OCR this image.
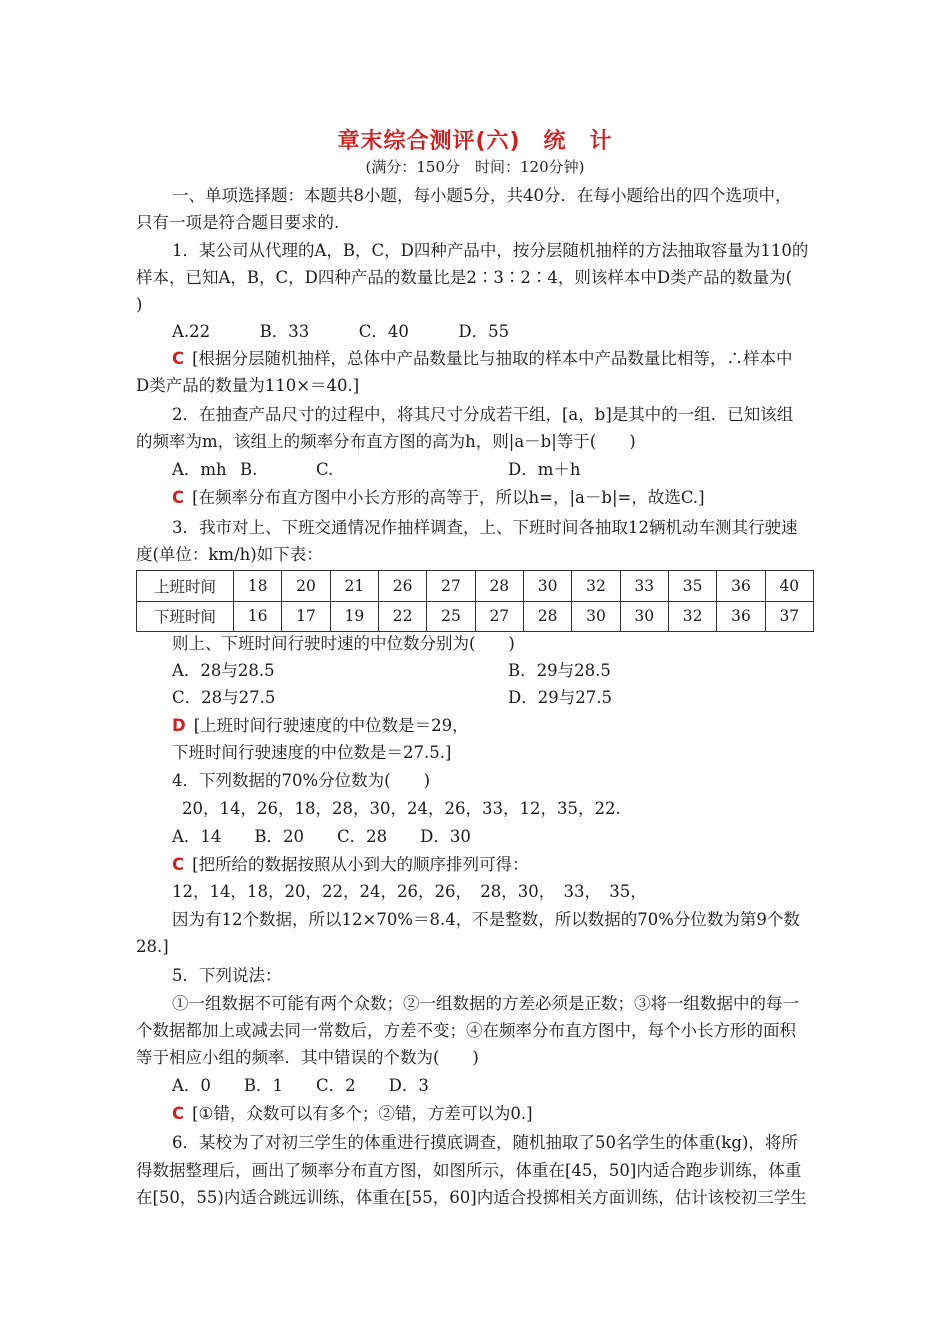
章末综合测评(六)　统　计
(满分：150分　时间：120分钟)
一、单项选择题：本题共8小题，每小题5分，共40分．在每小题给出的四个选项中，
只有一项是符合题目要求的.
1．某公司从代理的A，B，C，D四种产品中，按分层随机抽样的方法抽取容量为110的
样本，已知A，B，C，D四种产品的数量比是2∶3∶2∶4，则该样本中D类产品的数量为(
)
A.22　　　B．33　　　C．40　　　D．55
C [根据分层随机抽样，总体中产品数量比与抽取的样本中产品数量比相等，∴样本中
D类产品的数量为110×＝40.]
2．在抽查产品尺寸的过程中，将其尺寸分成若干组，[a，b]是其中的一组．已知该组
的频率为m，该组上的频率分布直方图的高为h，则|a－b|等于(　　)
A．mh B.	C.	D．m＋h
C [在频率分布直方图中小长方形的高等于，所以h=，|a－b|=，故选C.]
3．我市对上、下班交通情况作抽样调查，上、下班时间各抽取12辆机动车测其行驶速
度(单位：km/h)如下表：
上班时间	18	20	21	26	27	28	30	32	33	35	36	40
下班时间	16	17	19	22	25	27	28	30	30	32	36	37
则上、下班时间行驶时速的中位数分别为(　　)
A．28与28.5	B．29与28.5
C．28与27.5	D．29与27.5
D [上班时间行驶速度的中位数是＝29，
下班时间行驶速度的中位数是＝27.5.]
4．下列数据的70%分位数为(　　)
20，14，26，18，28，30，24，26，33，12，35，22.
A．14　　B．20　　C．28　　D．30
C [把所给的数据按照从小到大的顺序排列可得：
12，14，18，20，22，24，26，26，　28，30，　33，　35，
因为有12个数据，所以12×70%＝8.4，不是整数，所以数据的70%分位数为第9个数
28.]
5．下列说法：
①一组数据不可能有两个众数；②一组数据的方差必须是正数；③将一组数据中的每一
个数据都加上或减去同一常数后，方差不变；④在频率分布直方图中，每个小长方形的面积
等于相应小组的频率．其中错误的个数为(　　)
A．0　　B．1　　C．2　　D．3
C [①错，众数可以有多个；②错，方差可以为0.]
6．某校为了对初三学生的体重进行摸底调查，随机抽取了50名学生的体重(kg)，将所
得数据整理后，画出了频率分布直方图，如图所示，体重在[45，50]内适合跑步训练，体重
在[50，55)内适合跳远训练，体重在[55，60]内适合投掷相关方面训练，估计该校初三学生
